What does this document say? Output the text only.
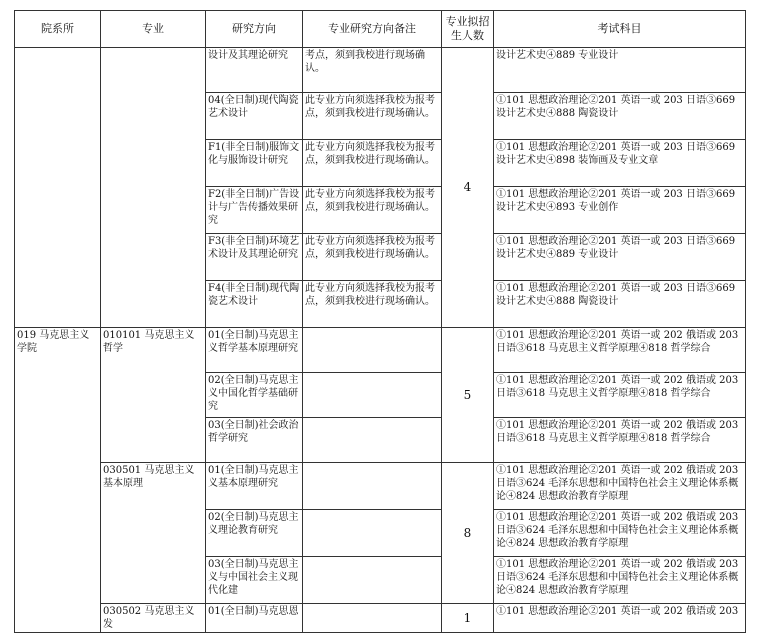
院系所	专业	研究方向	专业研究方向备注	专业拟招生人数	考试科目
		设计及其理论研究	考点，须到我校进行现场确认。	4	设计艺术史④889 专业设计
		04(全日制)现代陶瓷艺术设计	此专业方向须选择我校为报考点，须到我校进行现场确认。		①101 思想政治理论②201 英语一或 203 日语③669 设计艺术史④888 陶瓷设计
		F1(非全日制)服饰文化与服饰设计研究	此专业方向须选择我校为报考点，须到我校进行现场确认。		①101 思想政治理论②201 英语一或 203 日语③669 设计艺术史④898 装饰画及专业文章
		F2(非全日制)广告设计与广告传播效果研究	此专业方向须选择我校为报考点，须到我校进行现场确认。		①101 思想政治理论②201 英语一或 203 日语③669 设计艺术史④893 专业创作
		F3(非全日制)环境艺术设计及其理论研究	此专业方向须选择我校为报考点，须到我校进行现场确认。		①101 思想政治理论②201 英语一或 203 日语③669 设计艺术史④889 专业设计
		F4(非全日制)现代陶瓷艺术设计	此专业方向须选择我校为报考点，须到我校进行现场确认。		①101 思想政治理论②201 英语一或 203 日语③669 设计艺术史④888 陶瓷设计
019 马克思主义学院	010101 马克思主义哲学	01(全日制)马克思主义哲学基本原理研究		5	①101 思想政治理论②201 英语一或 202 俄语或 203 日语③618 马克思主义哲学原理④818 哲学综合
		02(全日制)马克思主义中国化哲学基础研究			①101 思想政治理论②201 英语一或 202 俄语或 203 日语③618 马克思主义哲学原理④818 哲学综合
		03(全日制)社会政治哲学研究			①101 思想政治理论②201 英语一或 202 俄语或 203 日语③618 马克思主义哲学原理④818 哲学综合
	030501 马克思主义基本原理	01(全日制)马克思主义基本原理研究		8	①101 思想政治理论②201 英语一或 202 俄语或 203 日语③624 毛泽东思想和中国特色社会主义理论体系概论④824 思想政治教育学原理
		02(全日制)马克思主义理论教育研究			①101 思想政治理论②201 英语一或 202 俄语或 203 日语③624 毛泽东思想和中国特色社会主义理论体系概论④824 思想政治教育学原理
		03(全日制)马克思主义与中国社会主义现代化建			①101 思想政治理论②201 英语一或 202 俄语或 203 日语③624 毛泽东思想和中国特色社会主义理论体系概论④824 思想政治教育学原理
	030502 马克思主义发	01(全日制)马克思恩		1	①101 思想政治理论②201 英语一或 202 俄语或 203
